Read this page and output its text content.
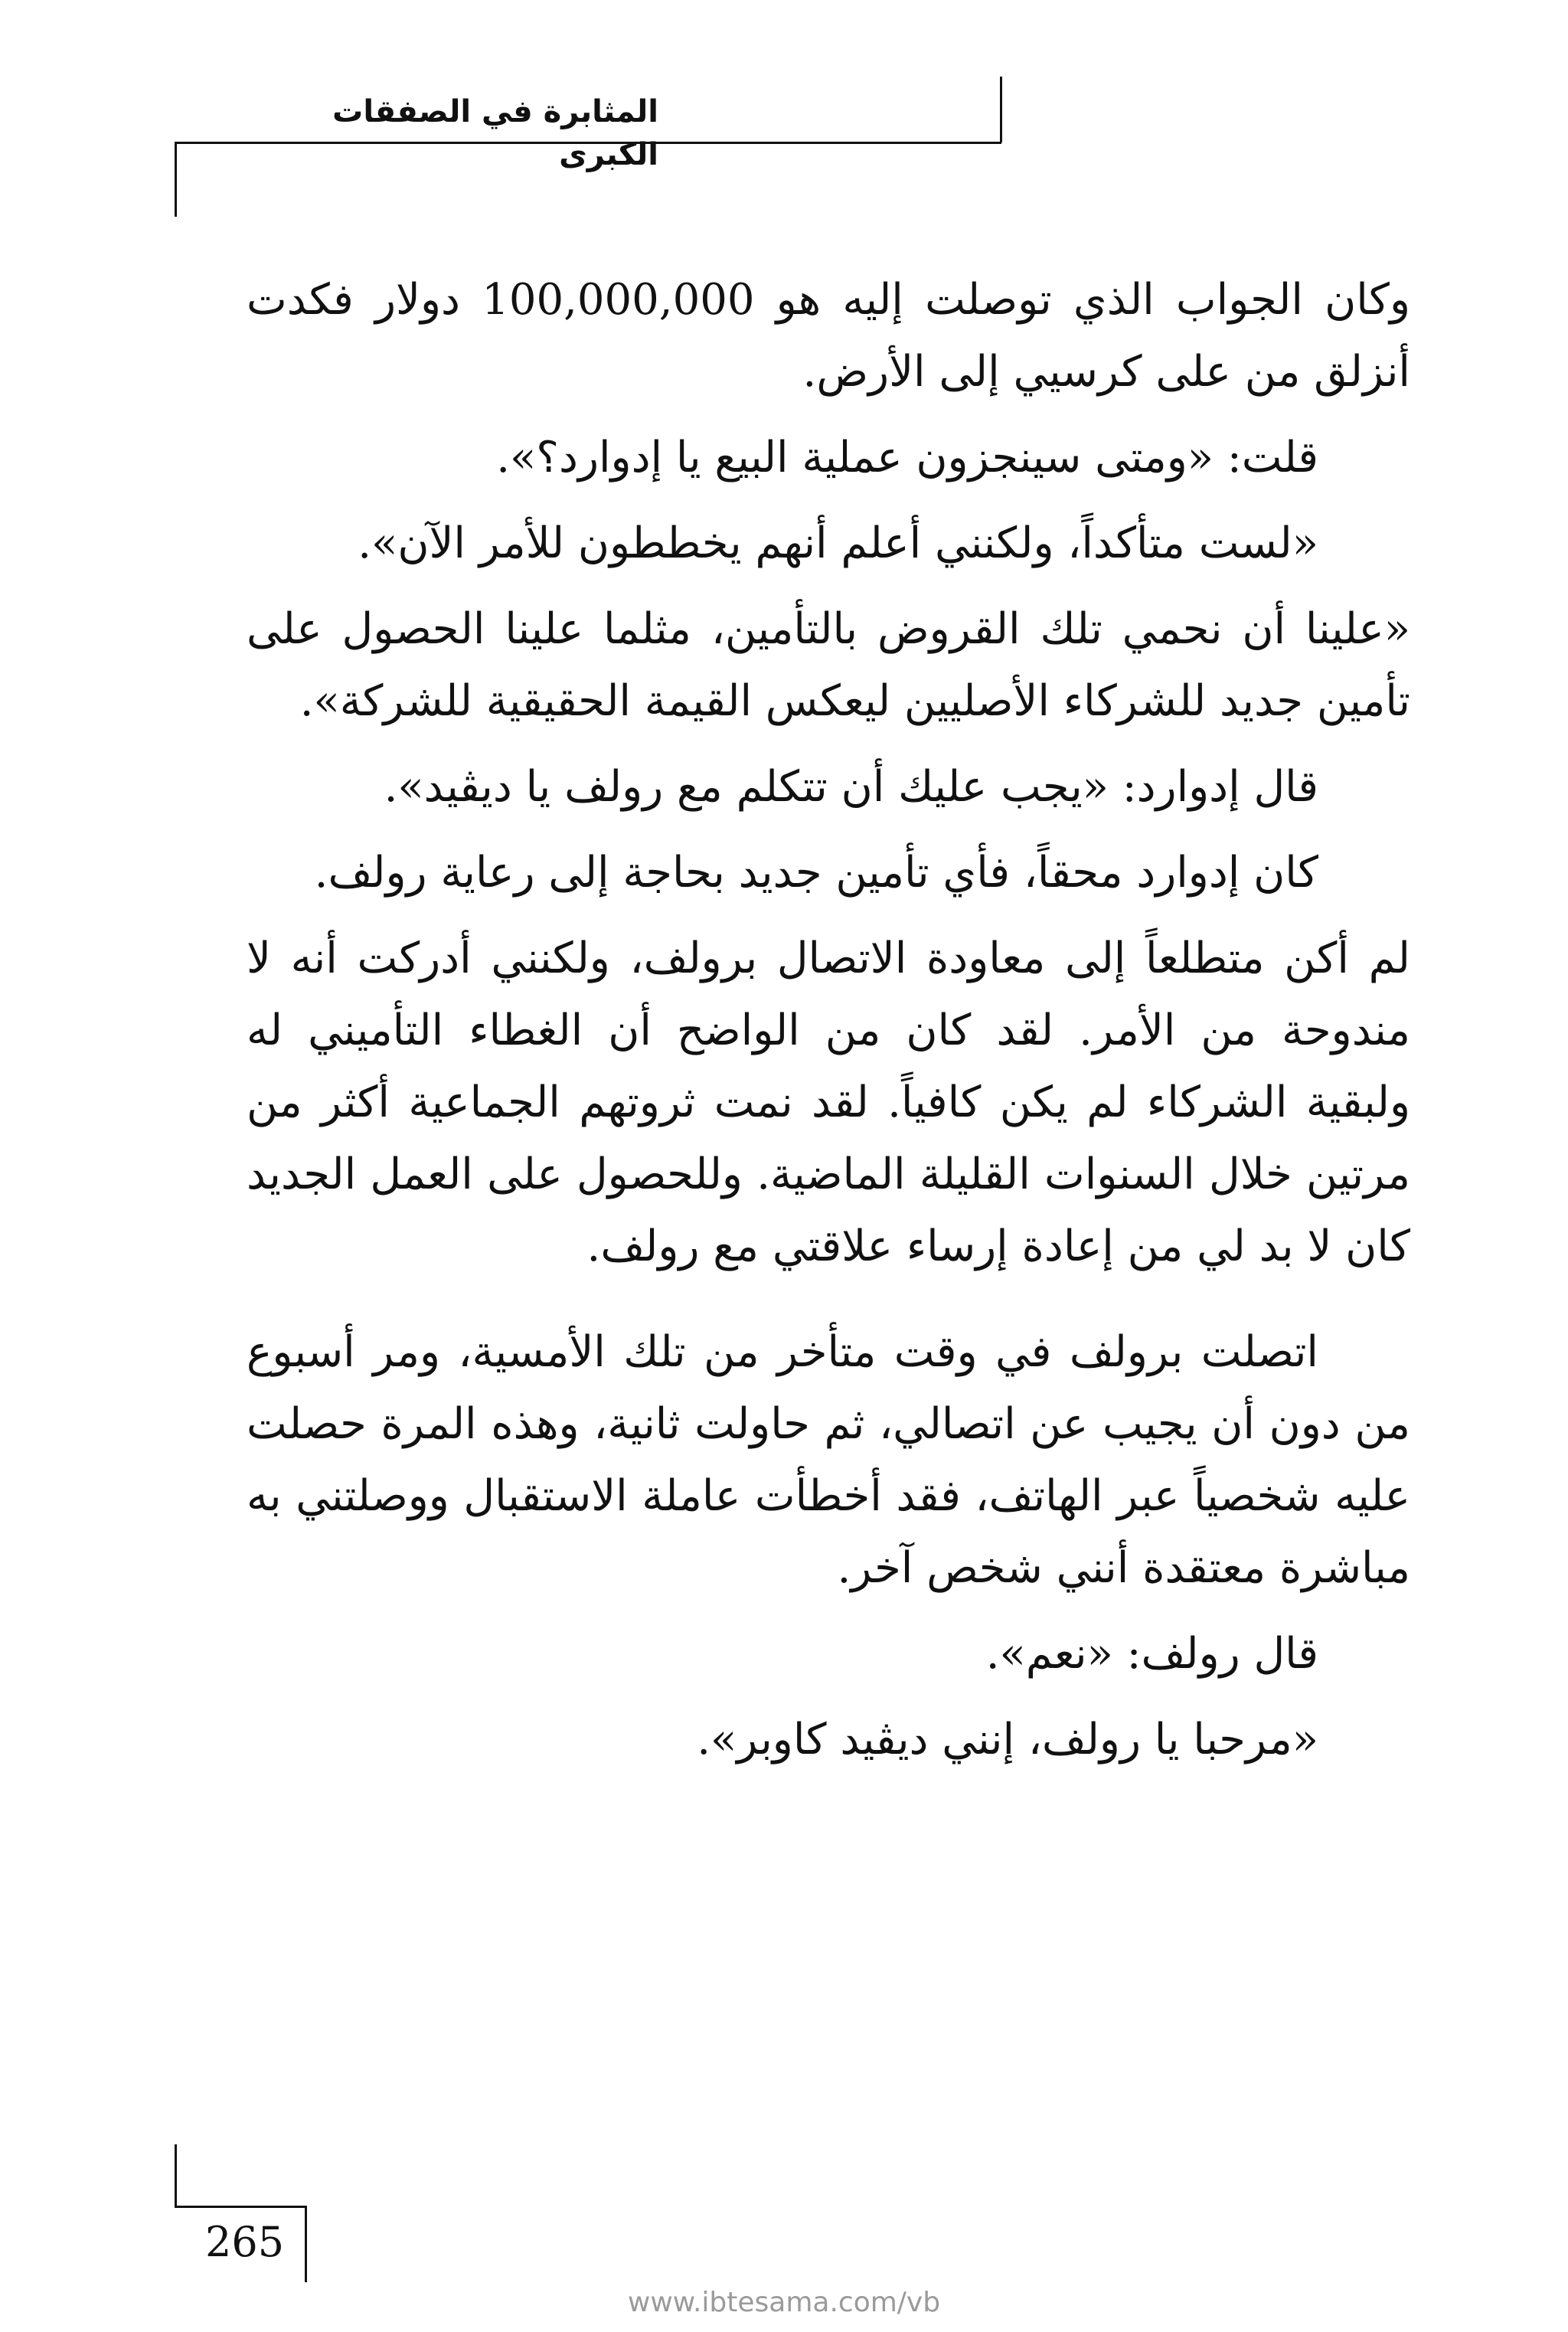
المثابرة في الصفقات الكبرى

وكان الجواب الذي توصلت إليه هو 100,000,000 دولار فكدت أنزلق من على كرسيي إلى الأرض.

قلت: «ومتى سينجزون عملية البيع يا إدوارد؟».

«لست متأكداً، ولكنني أعلم أنهم يخططون للأمر الآن».

«علينا أن نحمي تلك القروض بالتأمين، مثلما علينا الحصول على تأمين جديد للشركاء الأصليين ليعكس القيمة الحقيقية للشركة».

قال إدوارد: «يجب عليك أن تتكلم مع رولف يا ديڤيد».

كان إدوارد محقاً، فأي تأمين جديد بحاجة إلى رعاية رولف.

لم أكن متطلعاً إلى معاودة الاتصال برولف، ولكنني أدركت أنه لا مندوحة من الأمر. لقد كان من الواضح أن الغطاء التأميني له ولبقية الشركاء لم يكن كافياً. لقد نمت ثروتهم الجماعية أكثر من مرتين خلال السنوات القليلة الماضية. وللحصول على العمل الجديد كان لا بد لي من إعادة إرساء علاقتي مع رولف.

اتصلت برولف في وقت متأخر من تلك الأمسية، ومر أسبوع من دون أن يجيب عن اتصالي، ثم حاولت ثانية، وهذه المرة حصلت عليه شخصياً عبر الهاتف، فقد أخطأت عاملة الاستقبال ووصلتني به مباشرة معتقدة أنني شخص آخر.

قال رولف: «نعم».

«مرحبا يا رولف، إنني ديڤيد كاوبر».

265
www.ibtesama.com/vb
